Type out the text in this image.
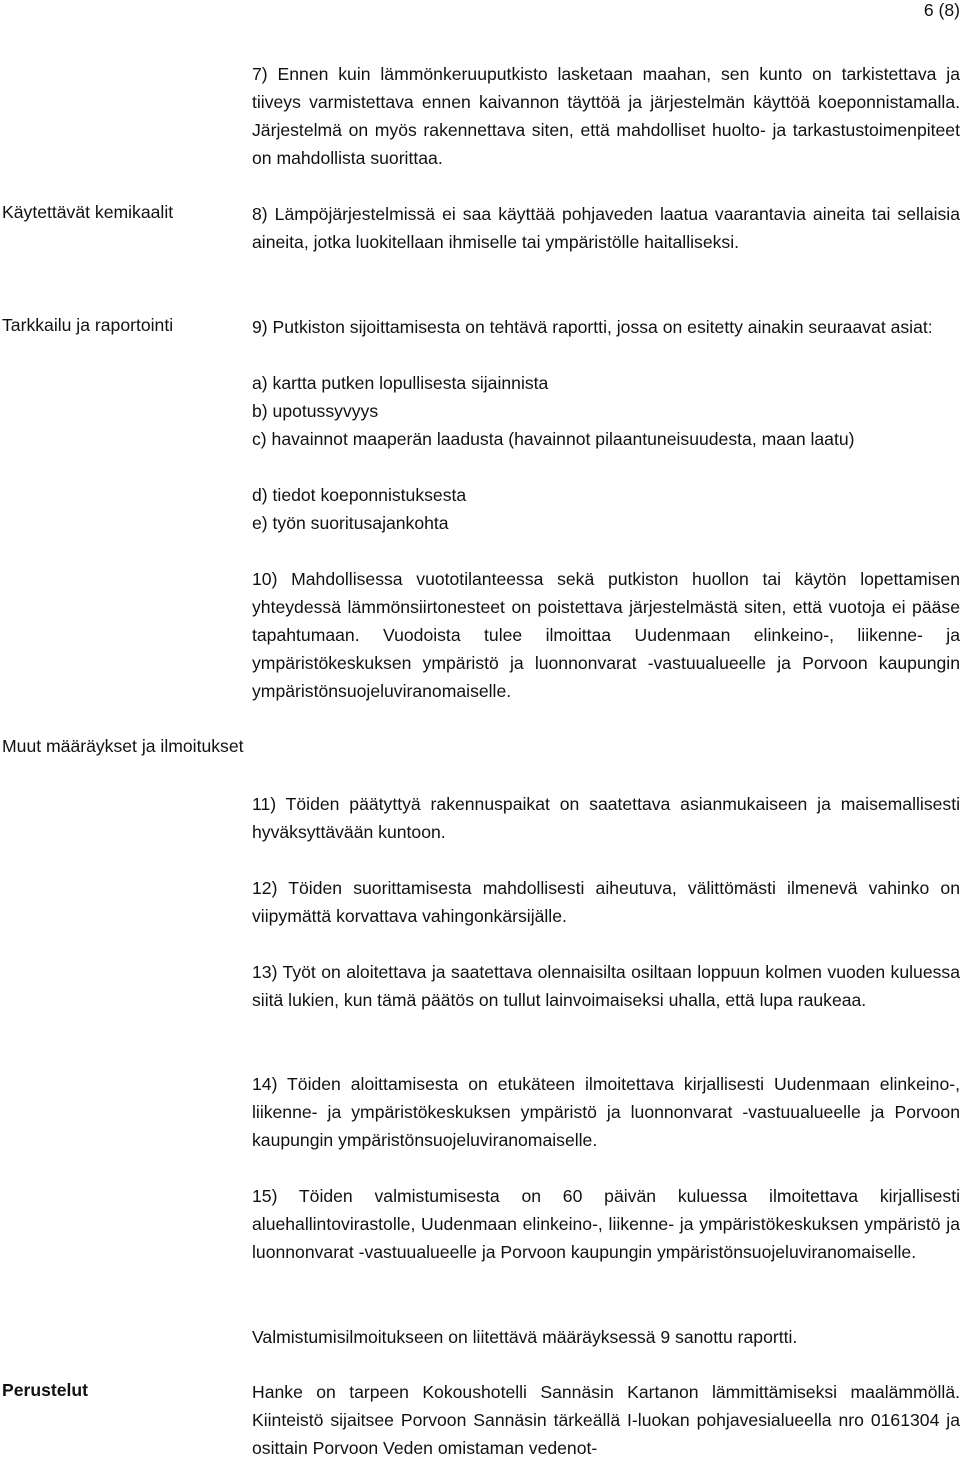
6 (8)

7) Ennen kuin lämmönkeruuputkisto lasketaan maahan, sen kunto on tarkistettava ja tiiveys varmistettava ennen kaivannon täyttöä ja järjestelmän käyttöä koeponnistamalla. Järjestelmä on myös rakennettava siten, että mahdolliset huolto- ja tarkastustoimenpiteet on mahdollista suorittaa.

Käytettävät kemikaalit	8) Lämpöjärjestelmissä ei saa käyttää pohjaveden laatua vaarantavia aineita tai sellaisia aineita, jotka luokitellaan ihmiselle tai ympäristölle haitalliseksi.

Tarkkailu ja raportointi	9) Putkiston sijoittamisesta on tehtävä raportti, jossa on esitetty ainakin seuraavat asiat:

a) kartta putken lopullisesta sijainnista
b) upotussyvyys

c) havainnot maaperän laadusta (havainnot pilaantuneisuudesta, maan laatu)

d) tiedot koeponnistuksesta
e) työn suoritusajankohta

10) Mahdollisessa vuototilanteessa sekä putkiston huollon tai käytön lopettamisen yhteydessä lämmönsiirtonesteet on poistettava järjestelmästä siten, että vuotoja ei pääse tapahtumaan. Vuodoista tulee ilmoittaa Uudenmaan elinkeino-, liikenne- ja ympäristökeskuksen ympäristö ja luonnonvarat -vastuualueelle ja Porvoon kaupungin ympäristönsuojeluviranomaiselle.

Muut määräykset ja ilmoitukset

11) Töiden päätyttyä rakennuspaikat on saatettava asianmukaiseen ja maisemallisesti hyväksyttävään kuntoon.

12) Töiden suorittamisesta mahdollisesti aiheutuva, välittömästi ilmenevä vahinko on viipymättä korvattava vahingonkärsijälle.

13) Työt on aloitettava ja saatettava olennaisilta osiltaan loppuun kolmen vuoden kuluessa siitä lukien, kun tämä päätös on tullut lainvoimaiseksi uhalla, että lupa raukeaa.

14) Töiden aloittamisesta on etukäteen ilmoitettava kirjallisesti Uudenmaan elinkeino-, liikenne- ja ympäristökeskuksen ympäristö ja luonnonvarat -vastuualueelle ja Porvoon kaupungin ympäristönsuojeluviranomaiselle.

15) Töiden valmistumisesta on 60 päivän kuluessa ilmoitettava kirjallisesti aluehallintovirastolle, Uudenmaan elinkeino-, liikenne- ja ympäristökeskuksen ympäristö ja luonnonvarat -vastuualueelle ja Porvoon kaupungin ympäristönsuojeluviranomaiselle.

Valmistumisilmoitukseen on liitettävä määräyksessä 9 sanottu raportti.
Perustelut	Hanke on tarpeen Kokoushotelli Sannäsin Kartanon lämmittämiseksi maalämmöllä. Kiinteistö sijaitsee Porvoon Sannäsin tärkeällä I-luokan pohjavesialueella nro 0161304 ja osittain Porvoon Veden omistaman vedenot-
